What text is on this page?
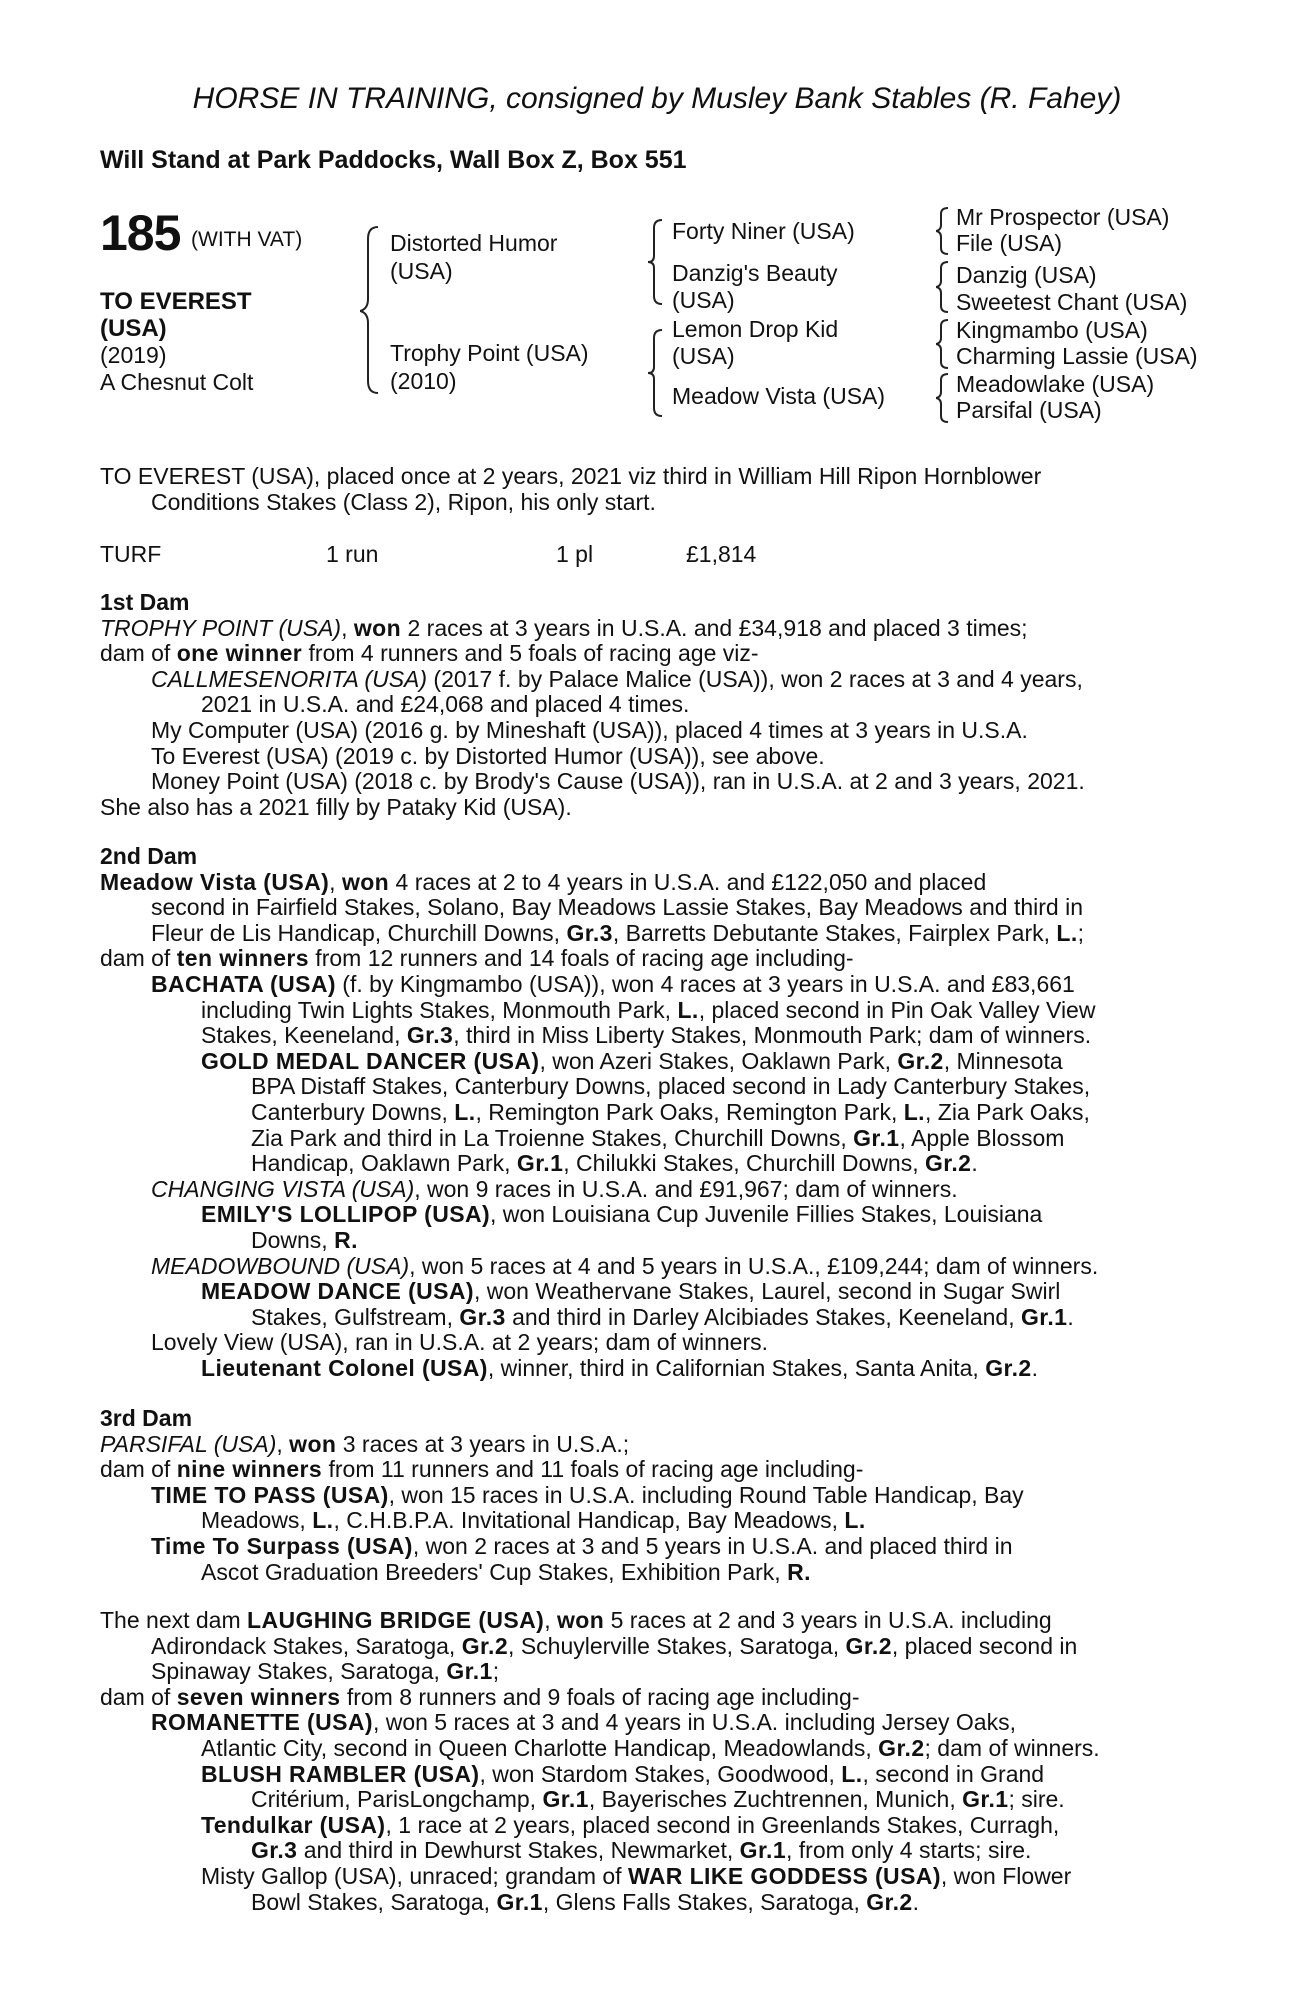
HORSE IN TRAINING, consigned by Musley Bank Stables (R. Fahey)
Will Stand at Park Paddocks, Wall Box Z, Box 551
185 (WITH VAT)
TO EVEREST
(USA)
(2019)
A Chesnut Colt
Distorted Humor
(USA)
Trophy Point (USA)
(2010)
Forty Niner (USA)
Danzig's Beauty
(USA)
Lemon Drop Kid
(USA)
Meadow Vista (USA)
Mr Prospector (USA)
File (USA)
Danzig (USA)
Sweetest Chant (USA)
Kingmambo (USA)
Charming Lassie (USA)
Meadowlake (USA)
Parsifal (USA)

TO EVEREST (USA), placed once at 2 years, 2021 viz third in William Hill Ripon Hornblower

Conditions Stakes (Class 2), Ripon, his only start.

TURF	1 run	1 pl	£1,814

1st Dam

TROPHY POINT (USA), won 2 races at 3 years in U.S.A. and £34,918 and placed 3 times;

dam of one winner from 4 runners and 5 foals of racing age viz-

CALLMESENORITA (USA) (2017 f. by Palace Malice (USA)), won 2 races at 3 and 4 years,

2021 in U.S.A. and £24,068 and placed 4 times.

My Computer (USA) (2016 g. by Mineshaft (USA)), placed 4 times at 3 years in U.S.A.

To Everest (USA) (2019 c. by Distorted Humor (USA)), see above.

Money Point (USA) (2018 c. by Brody's Cause (USA)), ran in U.S.A. at 2 and 3 years, 2021.

She also has a 2021 filly by Pataky Kid (USA).

2nd Dam

Meadow Vista (USA), won 4 races at 2 to 4 years in U.S.A. and £122,050 and placed

second in Fairfield Stakes, Solano, Bay Meadows Lassie Stakes, Bay Meadows and third in

Fleur de Lis Handicap, Churchill Downs, Gr.3, Barretts Debutante Stakes, Fairplex Park, L.;

dam of ten winners from 12 runners and 14 foals of racing age including-

BACHATA (USA) (f. by Kingmambo (USA)), won 4 races at 3 years in U.S.A. and £83,661

including Twin Lights Stakes, Monmouth Park, L., placed second in Pin Oak Valley View

Stakes, Keeneland, Gr.3, third in Miss Liberty Stakes, Monmouth Park; dam of winners.

GOLD MEDAL DANCER (USA), won Azeri Stakes, Oaklawn Park, Gr.2, Minnesota

BPA Distaff Stakes, Canterbury Downs, placed second in Lady Canterbury Stakes,

Canterbury Downs, L., Remington Park Oaks, Remington Park, L., Zia Park Oaks,

Zia Park and third in La Troienne Stakes, Churchill Downs, Gr.1, Apple Blossom

Handicap, Oaklawn Park, Gr.1, Chilukki Stakes, Churchill Downs, Gr.2.

CHANGING VISTA (USA), won 9 races in U.S.A. and £91,967; dam of winners.

EMILY'S LOLLIPOP (USA), won Louisiana Cup Juvenile Fillies Stakes, Louisiana

Downs, R.

MEADOWBOUND (USA), won 5 races at 4 and 5 years in U.S.A., £109,244; dam of winners.

MEADOW DANCE (USA), won Weathervane Stakes, Laurel, second in Sugar Swirl

Stakes, Gulfstream, Gr.3 and third in Darley Alcibiades Stakes, Keeneland, Gr.1.

Lovely View (USA), ran in U.S.A. at 2 years; dam of winners.

Lieutenant Colonel (USA), winner, third in Californian Stakes, Santa Anita, Gr.2.

3rd Dam

PARSIFAL (USA), won 3 races at 3 years in U.S.A.;

dam of nine winners from 11 runners and 11 foals of racing age including-

TIME TO PASS (USA), won 15 races in U.S.A. including Round Table Handicap, Bay

Meadows, L., C.H.B.P.A. Invitational Handicap, Bay Meadows, L.

Time To Surpass (USA), won 2 races at 3 and 5 years in U.S.A. and placed third in

Ascot Graduation Breeders' Cup Stakes, Exhibition Park, R.

The next dam LAUGHING BRIDGE (USA), won 5 races at 2 and 3 years in U.S.A. including

Adirondack Stakes, Saratoga, Gr.2, Schuylerville Stakes, Saratoga, Gr.2, placed second in

Spinaway Stakes, Saratoga, Gr.1;

dam of seven winners from 8 runners and 9 foals of racing age including-

ROMANETTE (USA), won 5 races at 3 and 4 years in U.S.A. including Jersey Oaks,

Atlantic City, second in Queen Charlotte Handicap, Meadowlands, Gr.2; dam of winners.

BLUSH RAMBLER (USA), won Stardom Stakes, Goodwood, L., second in Grand

Critérium, ParisLongchamp, Gr.1, Bayerisches Zuchtrennen, Munich, Gr.1; sire.

Tendulkar (USA), 1 race at 2 years, placed second in Greenlands Stakes, Curragh,

Gr.3 and third in Dewhurst Stakes, Newmarket, Gr.1, from only 4 starts; sire.

Misty Gallop (USA), unraced; grandam of WAR LIKE GODDESS (USA), won Flower

Bowl Stakes, Saratoga, Gr.1, Glens Falls Stakes, Saratoga, Gr.2.
